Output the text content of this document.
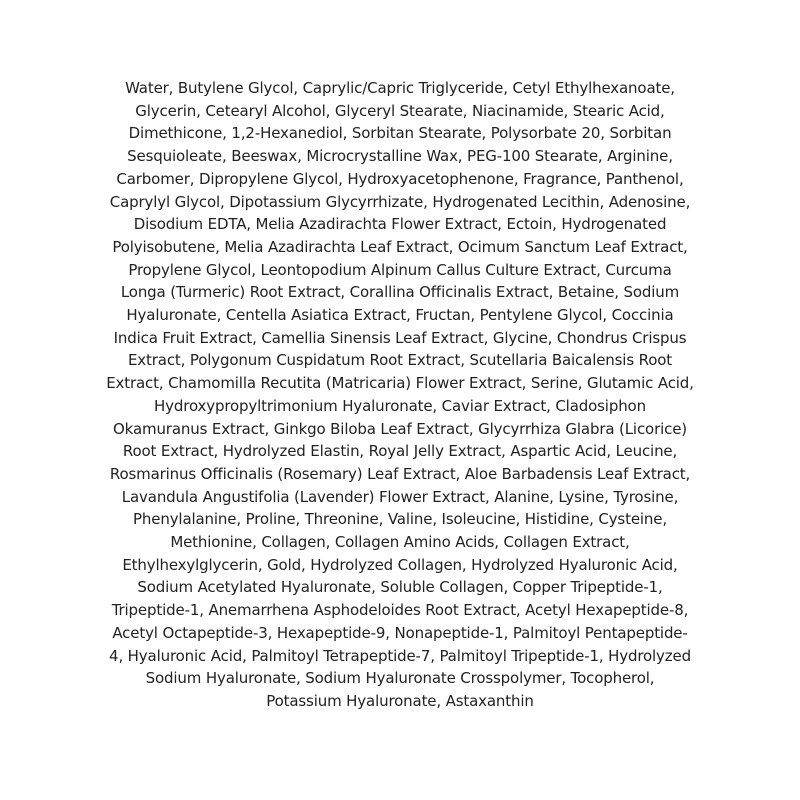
Water, Butylene Glycol, Caprylic/Capric Triglyceride, Cetyl Ethylhexanoate,
Glycerin, Cetearyl Alcohol, Glyceryl Stearate, Niacinamide, Stearic Acid,
Dimethicone, 1,2-Hexanediol, Sorbitan Stearate, Polysorbate 20, Sorbitan
Sesquioleate, Beeswax, Microcrystalline Wax, PEG-100 Stearate, Arginine,
Carbomer, Dipropylene Glycol, Hydroxyacetophenone, Fragrance, Panthenol,
Caprylyl Glycol, Dipotassium Glycyrrhizate, Hydrogenated Lecithin, Adenosine,
Disodium EDTA, Melia Azadirachta Flower Extract, Ectoin, Hydrogenated
Polyisobutene, Melia Azadirachta Leaf Extract, Ocimum Sanctum Leaf Extract,
Propylene Glycol, Leontopodium Alpinum Callus Culture Extract, Curcuma
Longa (Turmeric) Root Extract, Corallina Officinalis Extract, Betaine, Sodium
Hyaluronate, Centella Asiatica Extract, Fructan, Pentylene Glycol, Coccinia
Indica Fruit Extract, Camellia Sinensis Leaf Extract, Glycine, Chondrus Crispus
Extract, Polygonum Cuspidatum Root Extract, Scutellaria Baicalensis Root
Extract, Chamomilla Recutita (Matricaria) Flower Extract, Serine, Glutamic Acid,
Hydroxypropyltrimonium Hyaluronate, Caviar Extract, Cladosiphon
Okamuranus Extract, Ginkgo Biloba Leaf Extract, Glycyrrhiza Glabra (Licorice)
Root Extract, Hydrolyzed Elastin, Royal Jelly Extract, Aspartic Acid, Leucine,
Rosmarinus Officinalis (Rosemary) Leaf Extract, Aloe Barbadensis Leaf Extract,
Lavandula Angustifolia (Lavender) Flower Extract, Alanine, Lysine, Tyrosine,
Phenylalanine, Proline, Threonine, Valine, Isoleucine, Histidine, Cysteine,
Methionine, Collagen, Collagen Amino Acids, Collagen Extract,
Ethylhexylglycerin, Gold, Hydrolyzed Collagen, Hydrolyzed Hyaluronic Acid,
Sodium Acetylated Hyaluronate, Soluble Collagen, Copper Tripeptide-1,
Tripeptide-1, Anemarrhena Asphodeloides Root Extract, Acetyl Hexapeptide-8,
Acetyl Octapeptide-3, Hexapeptide-9, Nonapeptide-1, Palmitoyl Pentapeptide-
4, Hyaluronic Acid, Palmitoyl Tetrapeptide-7, Palmitoyl Tripeptide-1, Hydrolyzed
Sodium Hyaluronate, Sodium Hyaluronate Crosspolymer, Tocopherol,
Potassium Hyaluronate, Astaxanthin
